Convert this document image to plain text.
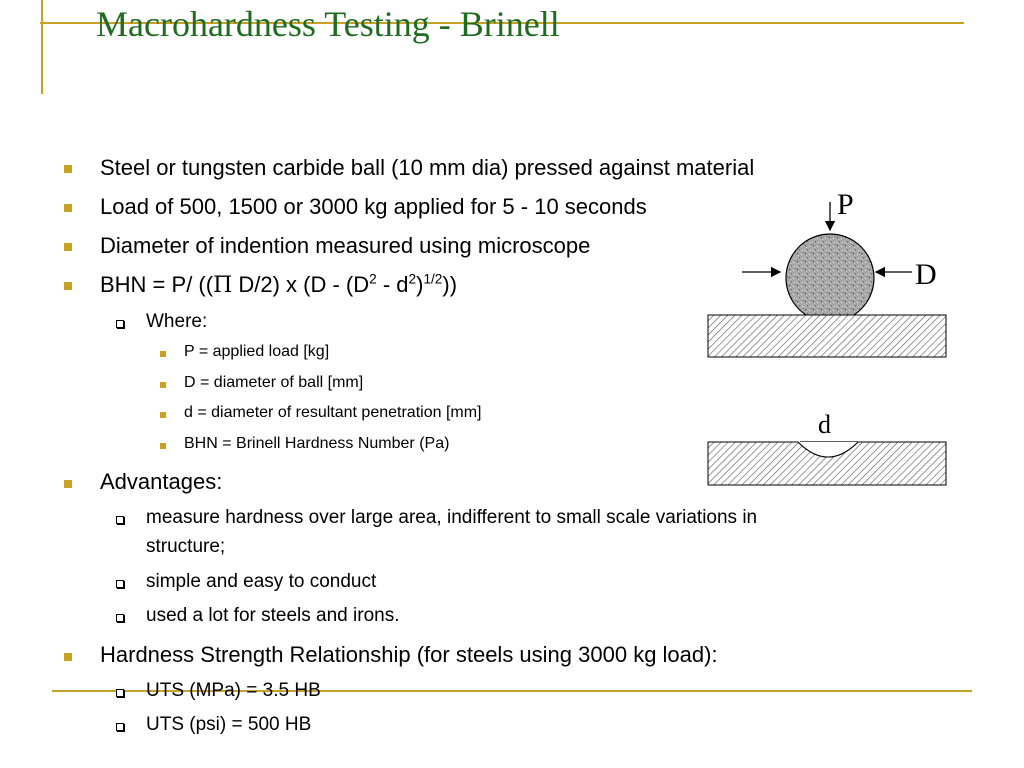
Macrohardness Testing - Brinell
Steel or tungsten carbide ball (10 mm dia) pressed against material
Load of 500, 1500 or 3000 kg applied for 5 - 10 seconds
Diameter of indention measured using microscope
BHN = P/ ((Π D/2) x $(D - (D^2 - d^2)^{1/2})$)
Where:
P = applied load [kg]
D = diameter of ball [mm]
d = diameter of resultant penetration [mm]
BHN = Brinell Hardness Number (Pa)
Advantages:
measure hardness over large area, indifferent to small scale variations in
structure;
simple and easy to conduct
used a lot for steels and irons.
Hardness Strength Relationship (for steels using 3000 kg load):
UTS (MPa) = 3.5 HB
UTS (psi) = 500 HB
P
D
d
